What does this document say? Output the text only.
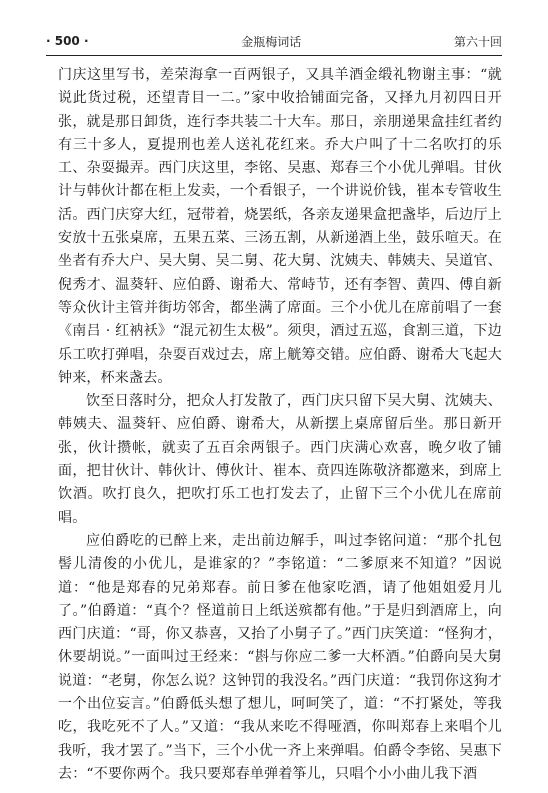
· 500 ·	金瓶梅词话	第六十回

门庆这里写书，差荣海拿一百两银子，又具羊酒金缎礼物谢主事：“就说此货过税，还望青目一二。”家中收拾铺面完备，又择九月初四日开张，就是那日卸货，连行李共装二十大车。那日，亲朋递果盒挂红者约有三十多人，夏提刑也差人送礼花红来。乔大户叫了十二名吹打的乐工、杂耍撮弄。西门庆这里，李铭、吴惠、郑春三个小优儿弹唱。甘伙计与韩伙计都在柜上发卖，一个看银子，一个讲说价钱，崔本专管收生活。西门庆穿大红，冠带着，烧罢纸，各亲友递果盒把盏毕，后边厅上安放十五张桌席，五果五菜、三汤五割，从新递酒上坐，鼓乐喧天。在坐者有乔大户、吴大舅、吴二舅、花大舅、沈姨夫、韩姨夫、吴道官、倪秀才、温葵轩、应伯爵、谢希大、常峙节，还有李智、黄四、傅自新等众伙计主管并街坊邻舍，都坐满了席面。三个小优儿在席前唱了一套《南吕 · 红衲袄》“混元初生太极”。须臾，酒过五巡，食割三道，下边乐工吹打弹唱，杂耍百戏过去，席上觥筹交错。应伯爵、谢希大飞起大钟来，杯来盏去。

饮至日落时分，把众人打发散了，西门庆只留下吴大舅、沈姨夫、韩姨夫、温葵轩、应伯爵、谢希大，从新摆上桌席留后坐。那日新开张，伙计攒帐，就卖了五百余两银子。西门庆满心欢喜，晚夕收了铺面，把甘伙计、韩伙计、傅伙计、崔本、贲四连陈敬济都邀来，到席上饮酒。吹打良久，把吹打乐工也打发去了，止留下三个小优儿在席前唱。

应伯爵吃的已醉上来，走出前边解手，叫过李铭问道：“那个扎包髻儿清俊的小优儿，是谁家的？”李铭道：“二爹原来不知道？”因说道：“他是郑春的兄弟郑春。前日爹在他家吃酒，请了他姐姐爱月儿了。”伯爵道：“真个？怪道前日上纸送殡都有他。”于是归到酒席上，向西门庆道：“哥，你又恭喜，又抬了小舅子了。”西门庆笑道：“怪狗才，休要胡说。”一面叫过王经来：“斟与你应二爹一大杯酒。”伯爵向吴大舅说道：“老舅，你怎么说？这钟罚的我没名。”西门庆道：“我罚你这狗才一个出位妄言。”伯爵低头想了想儿，呵呵笑了，道：“不打紧处，等我吃，我吃死不了人。”又道：“我从来吃不得哑酒，你叫郑春上来唱个儿我听，我才罢了。”当下，三个小优一齐上来弹唱。伯爵令李铭、吴惠下去：“不要你两个。我只要郑春单弹着筝儿，只唱个小小曲儿我下酒
